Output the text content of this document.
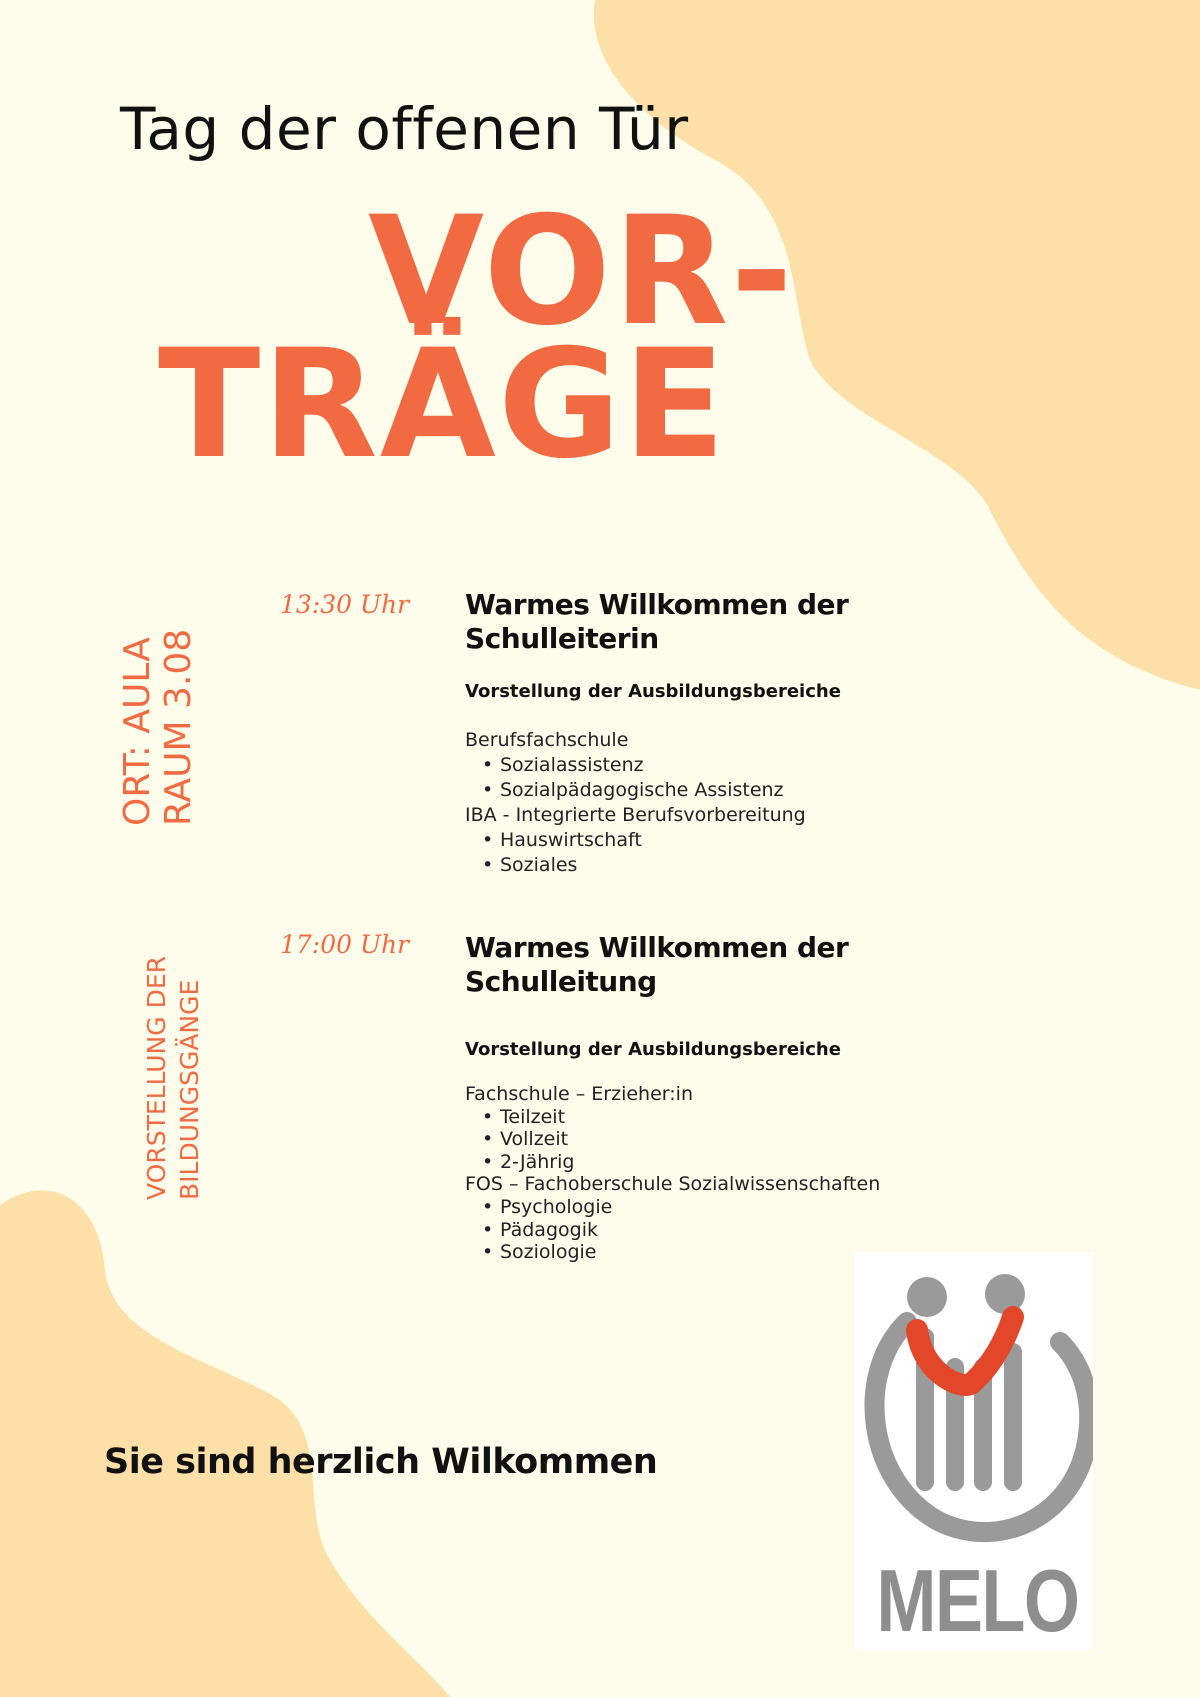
Tag der offenen Tür
VOR-
TRÄGE
ORT: AULA RAUM 3.08
VORSTELLUNG DER BILDUNGSGÄNGE
13:30 Uhr Warmes Willkommen der
Schulleiterin
Vorstellung der Ausbildungsbereiche
Berufsfachschule
• Sozialassistenz
• Sozialpädagogische Assistenz
IBA - Integrierte Berufsvorbereitung
• Hauswirtschaft
• Soziales
17:00 Uhr Warmes Willkommen der
Schulleitung
Vorstellung der Ausbildungsbereiche
Fachschule – Erzieher:in
• Teilzeit
• Vollzeit
• 2-Jährig
FOS – Fachoberschule Sozialwissenschaften
• Psychologie
• Pädagogik
• Soziologie
Sie sind herzlich Wilkommen
MELO
